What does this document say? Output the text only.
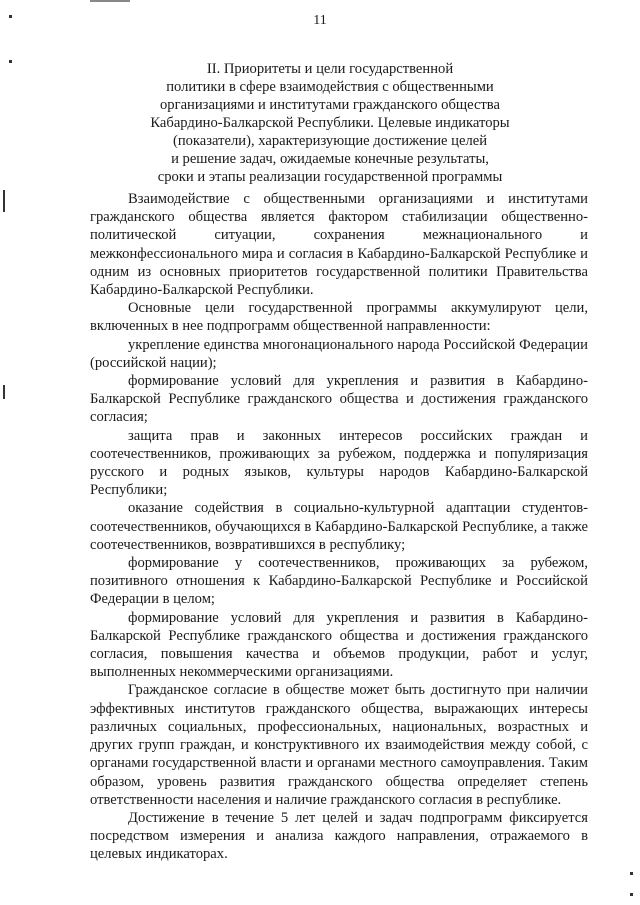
11
II. Приоритеты и цели государственной
политики в сфере взаимодействия с общественными
организациями и институтами гражданского общества
Кабардино-Балкарской Республики. Целевые индикаторы
(показатели), характеризующие достижение целей
и решение задач, ожидаемые конечные результаты,
сроки и этапы реализации государственной программы

Взаимодействие с общественными организациями и институтами гражданского общества является фактором стабилизации общественно-политической ситуации, сохранения межнационального и межконфессионального мира и согласия в Кабардино-Балкарской Республике и одним из основных приоритетов государственной политики Правительства Кабардино-Балкарской Республики.

Основные цели государственной программы аккумулируют цели, включенных в нее подпрограмм общественной направленности:

укрепление единства многонационального народа Российской Федерации (российской нации);

формирование условий для укрепления и развития в Кабардино-Балкарской Республике гражданского общества и достижения гражданского согласия;

защита прав и законных интересов российских граждан и соотечественников, проживающих за рубежом, поддержка и популяризация русского и родных языков, культуры народов Кабардино-Балкарской Республики;

оказание содействия в социально-культурной адаптации студентов-соотечественников, обучающихся в Кабардино-Балкарской Республике, а также соотечественников, возвратившихся в республику;

формирование у соотечественников, проживающих за рубежом, позитивного отношения к Кабардино-Балкарской Республике и Российской Федерации в целом;

формирование условий для укрепления и развития в Кабардино-Балкарской Республике гражданского общества и достижения гражданского согласия, повышения качества и объемов продукции, работ и услуг, выполненных некоммерческими организациями.

Гражданское согласие в обществе может быть достигнуто при наличии эффективных институтов гражданского общества, выражающих интересы различных социальных, профессиональных, национальных, возрастных и других групп граждан, и конструктивного их взаимодействия между собой, с органами государственной власти и органами местного самоуправления. Таким образом, уровень развития гражданского общества определяет степень ответственности населения и наличие гражданского согласия в республике.

Достижение в течение 5 лет целей и задач подпрограмм фиксируется посредством измерения и анализа каждого направления, отражаемого в целевых индикаторах.
